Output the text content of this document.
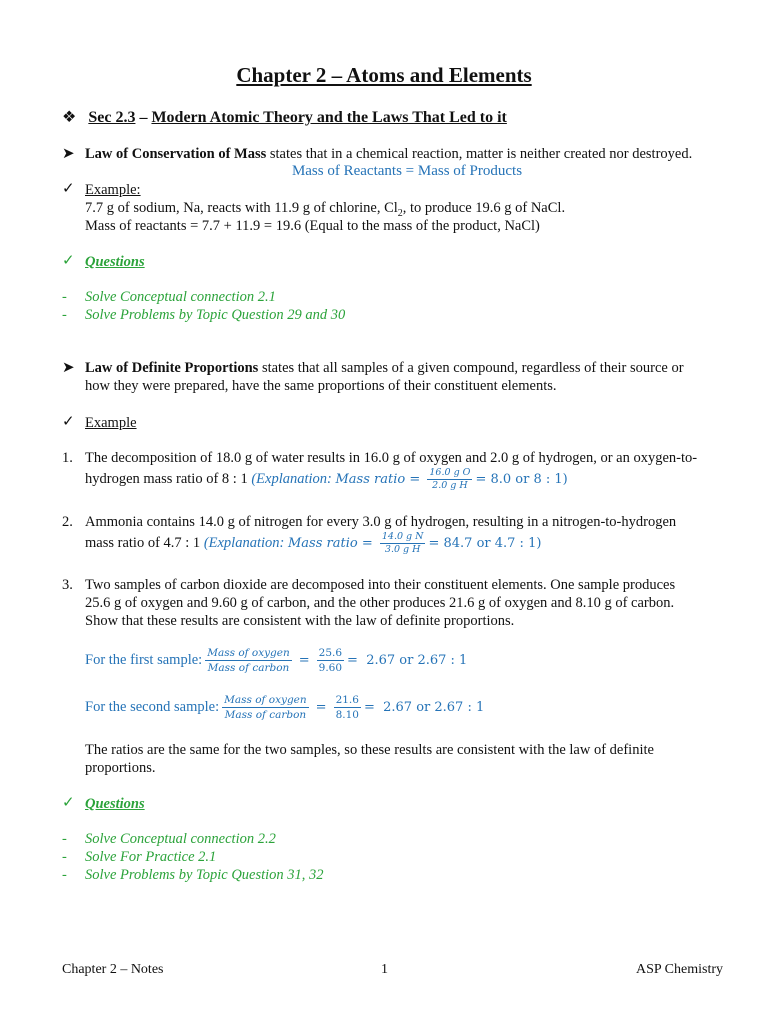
Chapter 2 – Atoms and Elements
❖ Sec 2.3 – Modern Atomic Theory and the Laws That Led to it
➤ Law of Conservation of Mass states that in a chemical reaction, matter is neither created nor destroyed.
Mass of Reactants = Mass of Products
✓ Example:
7.7 g of sodium, Na, reacts with 11.9 g of chlorine, $Cl_2$, to produce 19.6 g of NaCl.
Mass of reactants = 7.7 + 11.9 = 19.6 (Equal to the mass of the product, NaCl)
✓ Questions
- Solve Conceptual connection 2.1
- Solve Problems by Topic Question 29 and 30
➤ Law of Definite Proportions states that all samples of a given compound, regardless of their source or
how they were prepared, have the same proportions of their constituent elements.
✓ Example
1. The decomposition of 18.0 g of water results in 16.0 g of oxygen and 2.0 g of hydrogen, or an oxygen-to-
hydrogen mass ratio of 8 : 1 (Explanation: Mass ratio = $\frac{\text{16.0 g O}}{\text{2.0 g H}} = 8.0$ or 8 : 1)
2. Ammonia contains 14.0 g of nitrogen for every 3.0 g of hydrogen, resulting in a nitrogen-to-hydrogen
mass ratio of 4.7 : 1 (Explanation: Mass ratio = $\frac{\text{14.0 g N}}{\text{3.0 g H}} = 84.7$ or 4.7 : 1)
3. Two samples of carbon dioxide are decomposed into their constituent elements. One sample produces
25.6 g of oxygen and 9.60 g of carbon, and the other produces 21.6 g of oxygen and 8.10 g of carbon.
Show that these results are consistent with the law of definite proportions.
For the first sample: $\frac{\text{Mass of oxygen}}{\text{Mass of carbon}} = \frac{25.6}{9.60} = 2.67$ or 2.67 : 1
For the second sample: $\frac{\text{Mass of oxygen}}{\text{Mass of carbon}} = \frac{21.6}{8.10} = 2.67$ or 2.67 : 1
The ratios are the same for the two samples, so these results are consistent with the law of definite
proportions.
✓ Questions
- Solve Conceptual connection 2.2
- Solve For Practice 2.1
- Solve Problems by Topic Question 31, 32
Chapter 2 – Notes	1	ASP Chemistry
